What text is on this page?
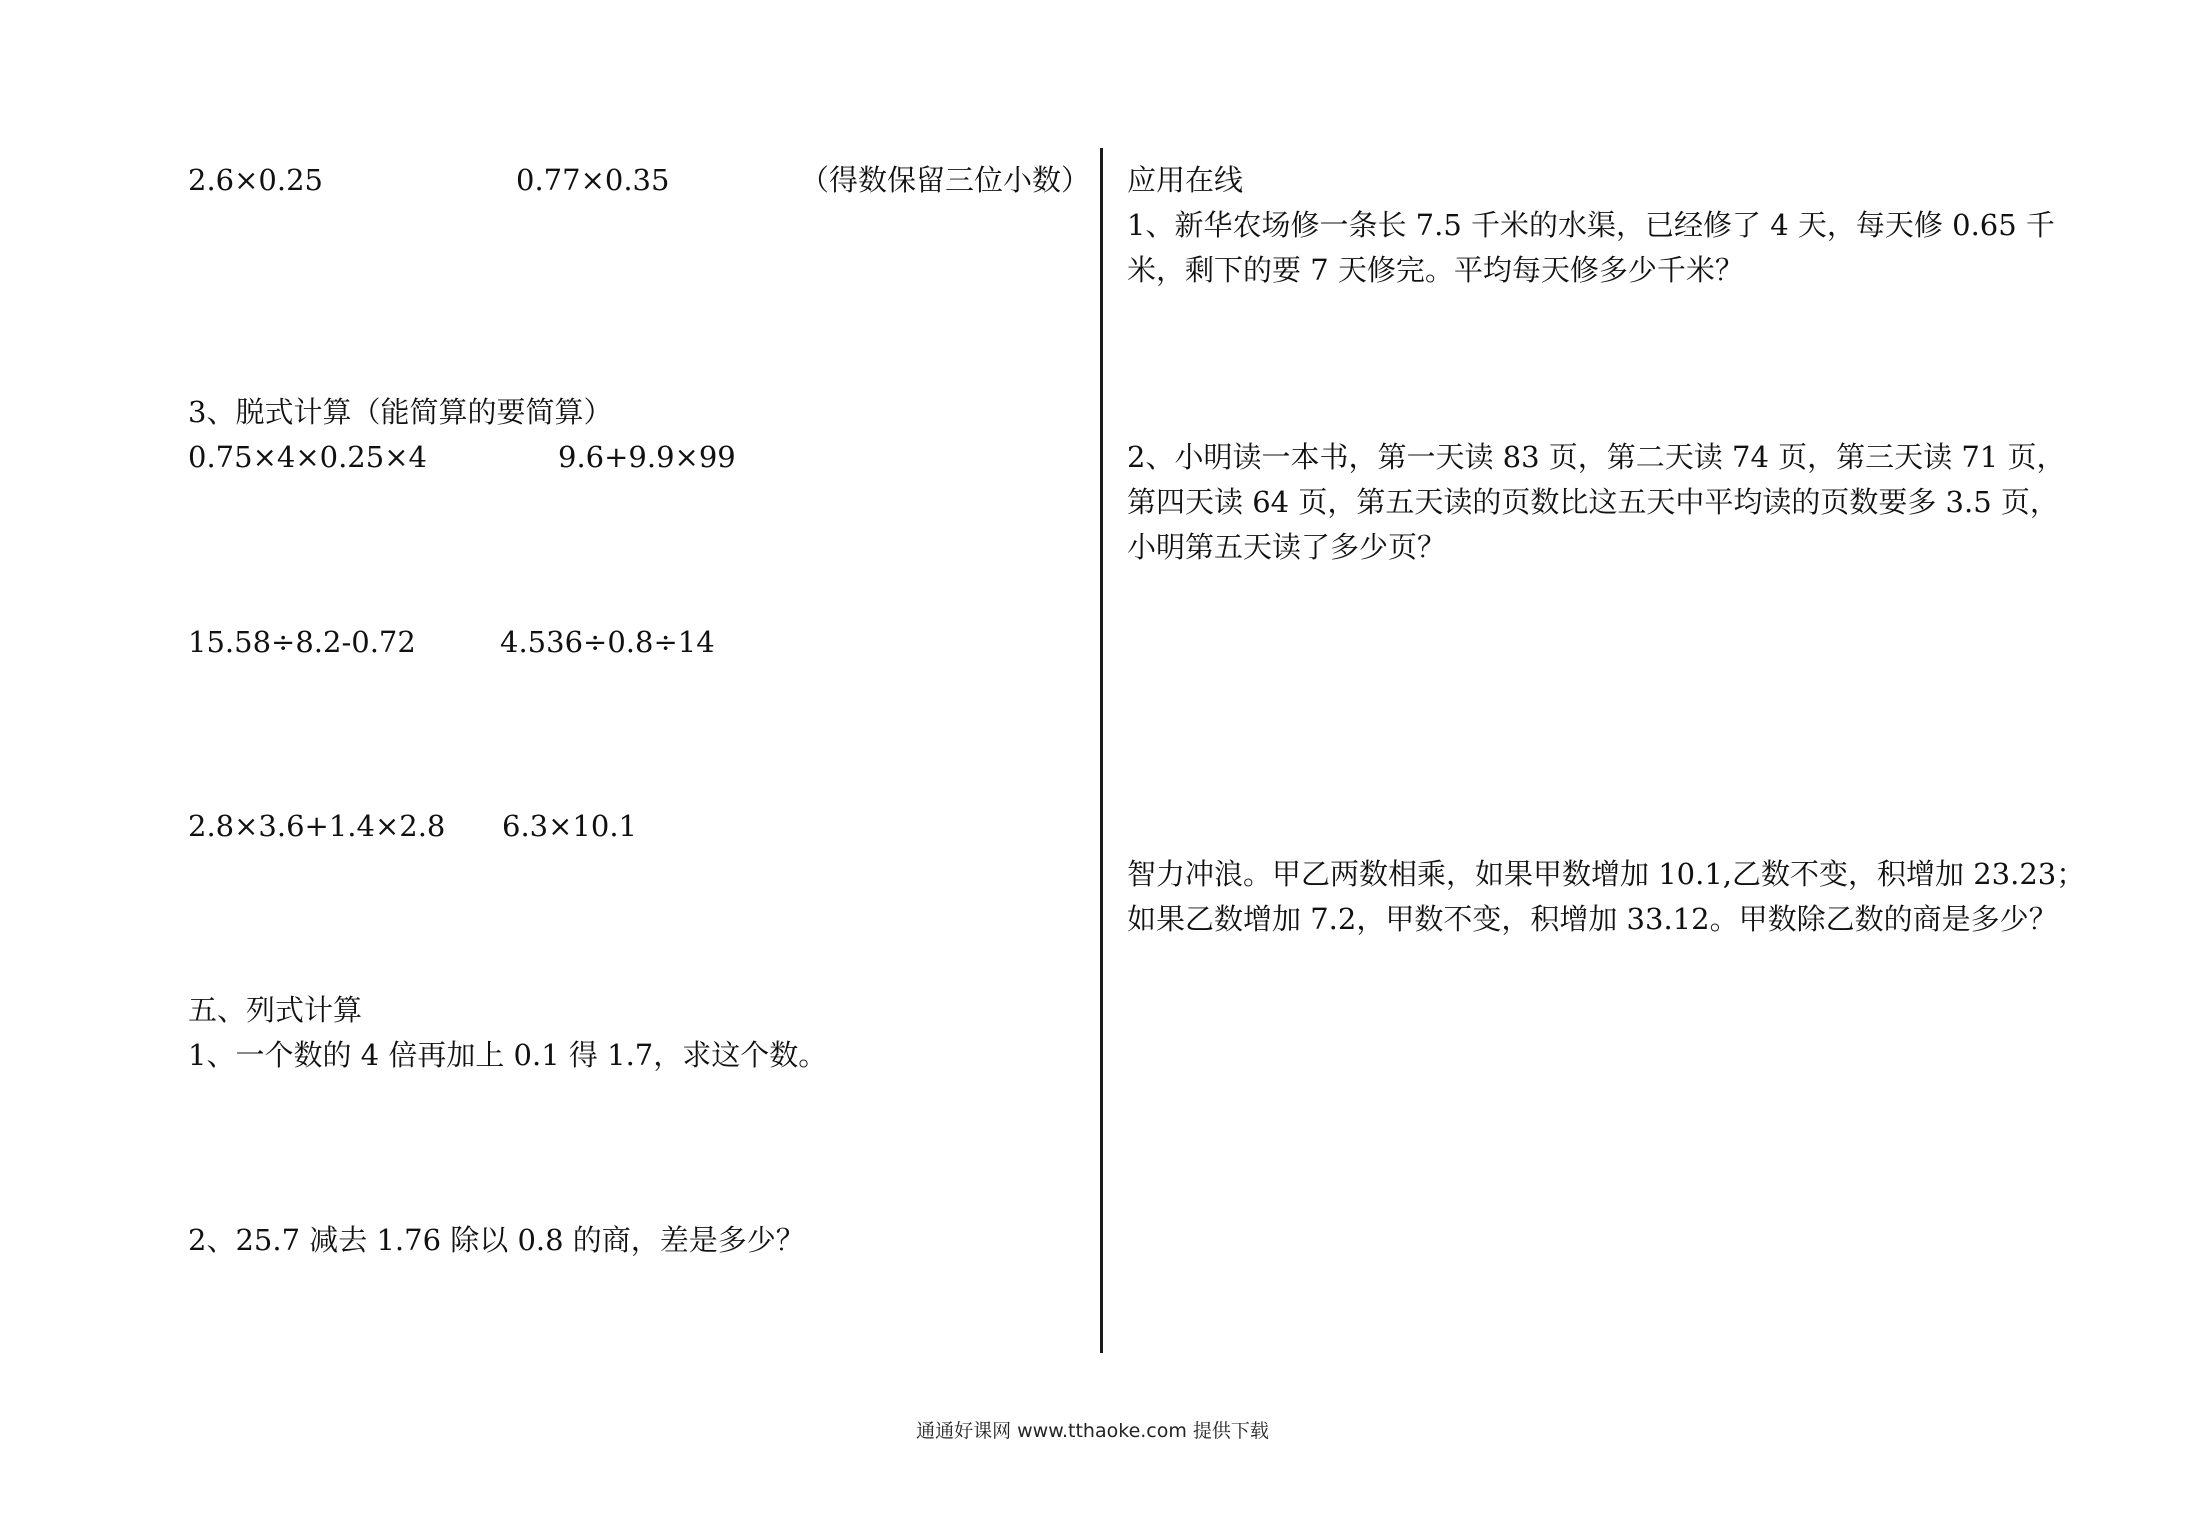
2.6×0.25	0.77×0.35	（得数保留三位小数）
3、脱式计算（能简算的要简算）
0.75×4×0.25×4	9.6+9.9×99
15.58÷8.2-0.72	4.536÷0.8÷14
2.8×3.6+1.4×2.8 6.3×10.1
五、列式计算
1、一个数的 4 倍再加上 0.1 得 1.7，求这个数。
2、25.7 减去 1.76 除以 0.8 的商，差是多少？
应用在线
1、新华农场修一条长 7.5 千米的水渠，已经修了 4 天，每天修 0.65 千
米，剩下的要 7 天修完。平均每天修多少千米？
2、小明读一本书，第一天读 83 页，第二天读 74 页，第三天读 71 页，
第四天读 64 页，第五天读的页数比这五天中平均读的页数要多 3.5 页，
小明第五天读了多少页？
智力冲浪。甲乙两数相乘，如果甲数增加 10.1,乙数不变，积增加 23.23；
如果乙数增加 7.2，甲数不变，积增加 33.12。甲数除乙数的商是多少？
通通好课网 www.tthaoke.com 提供下载
